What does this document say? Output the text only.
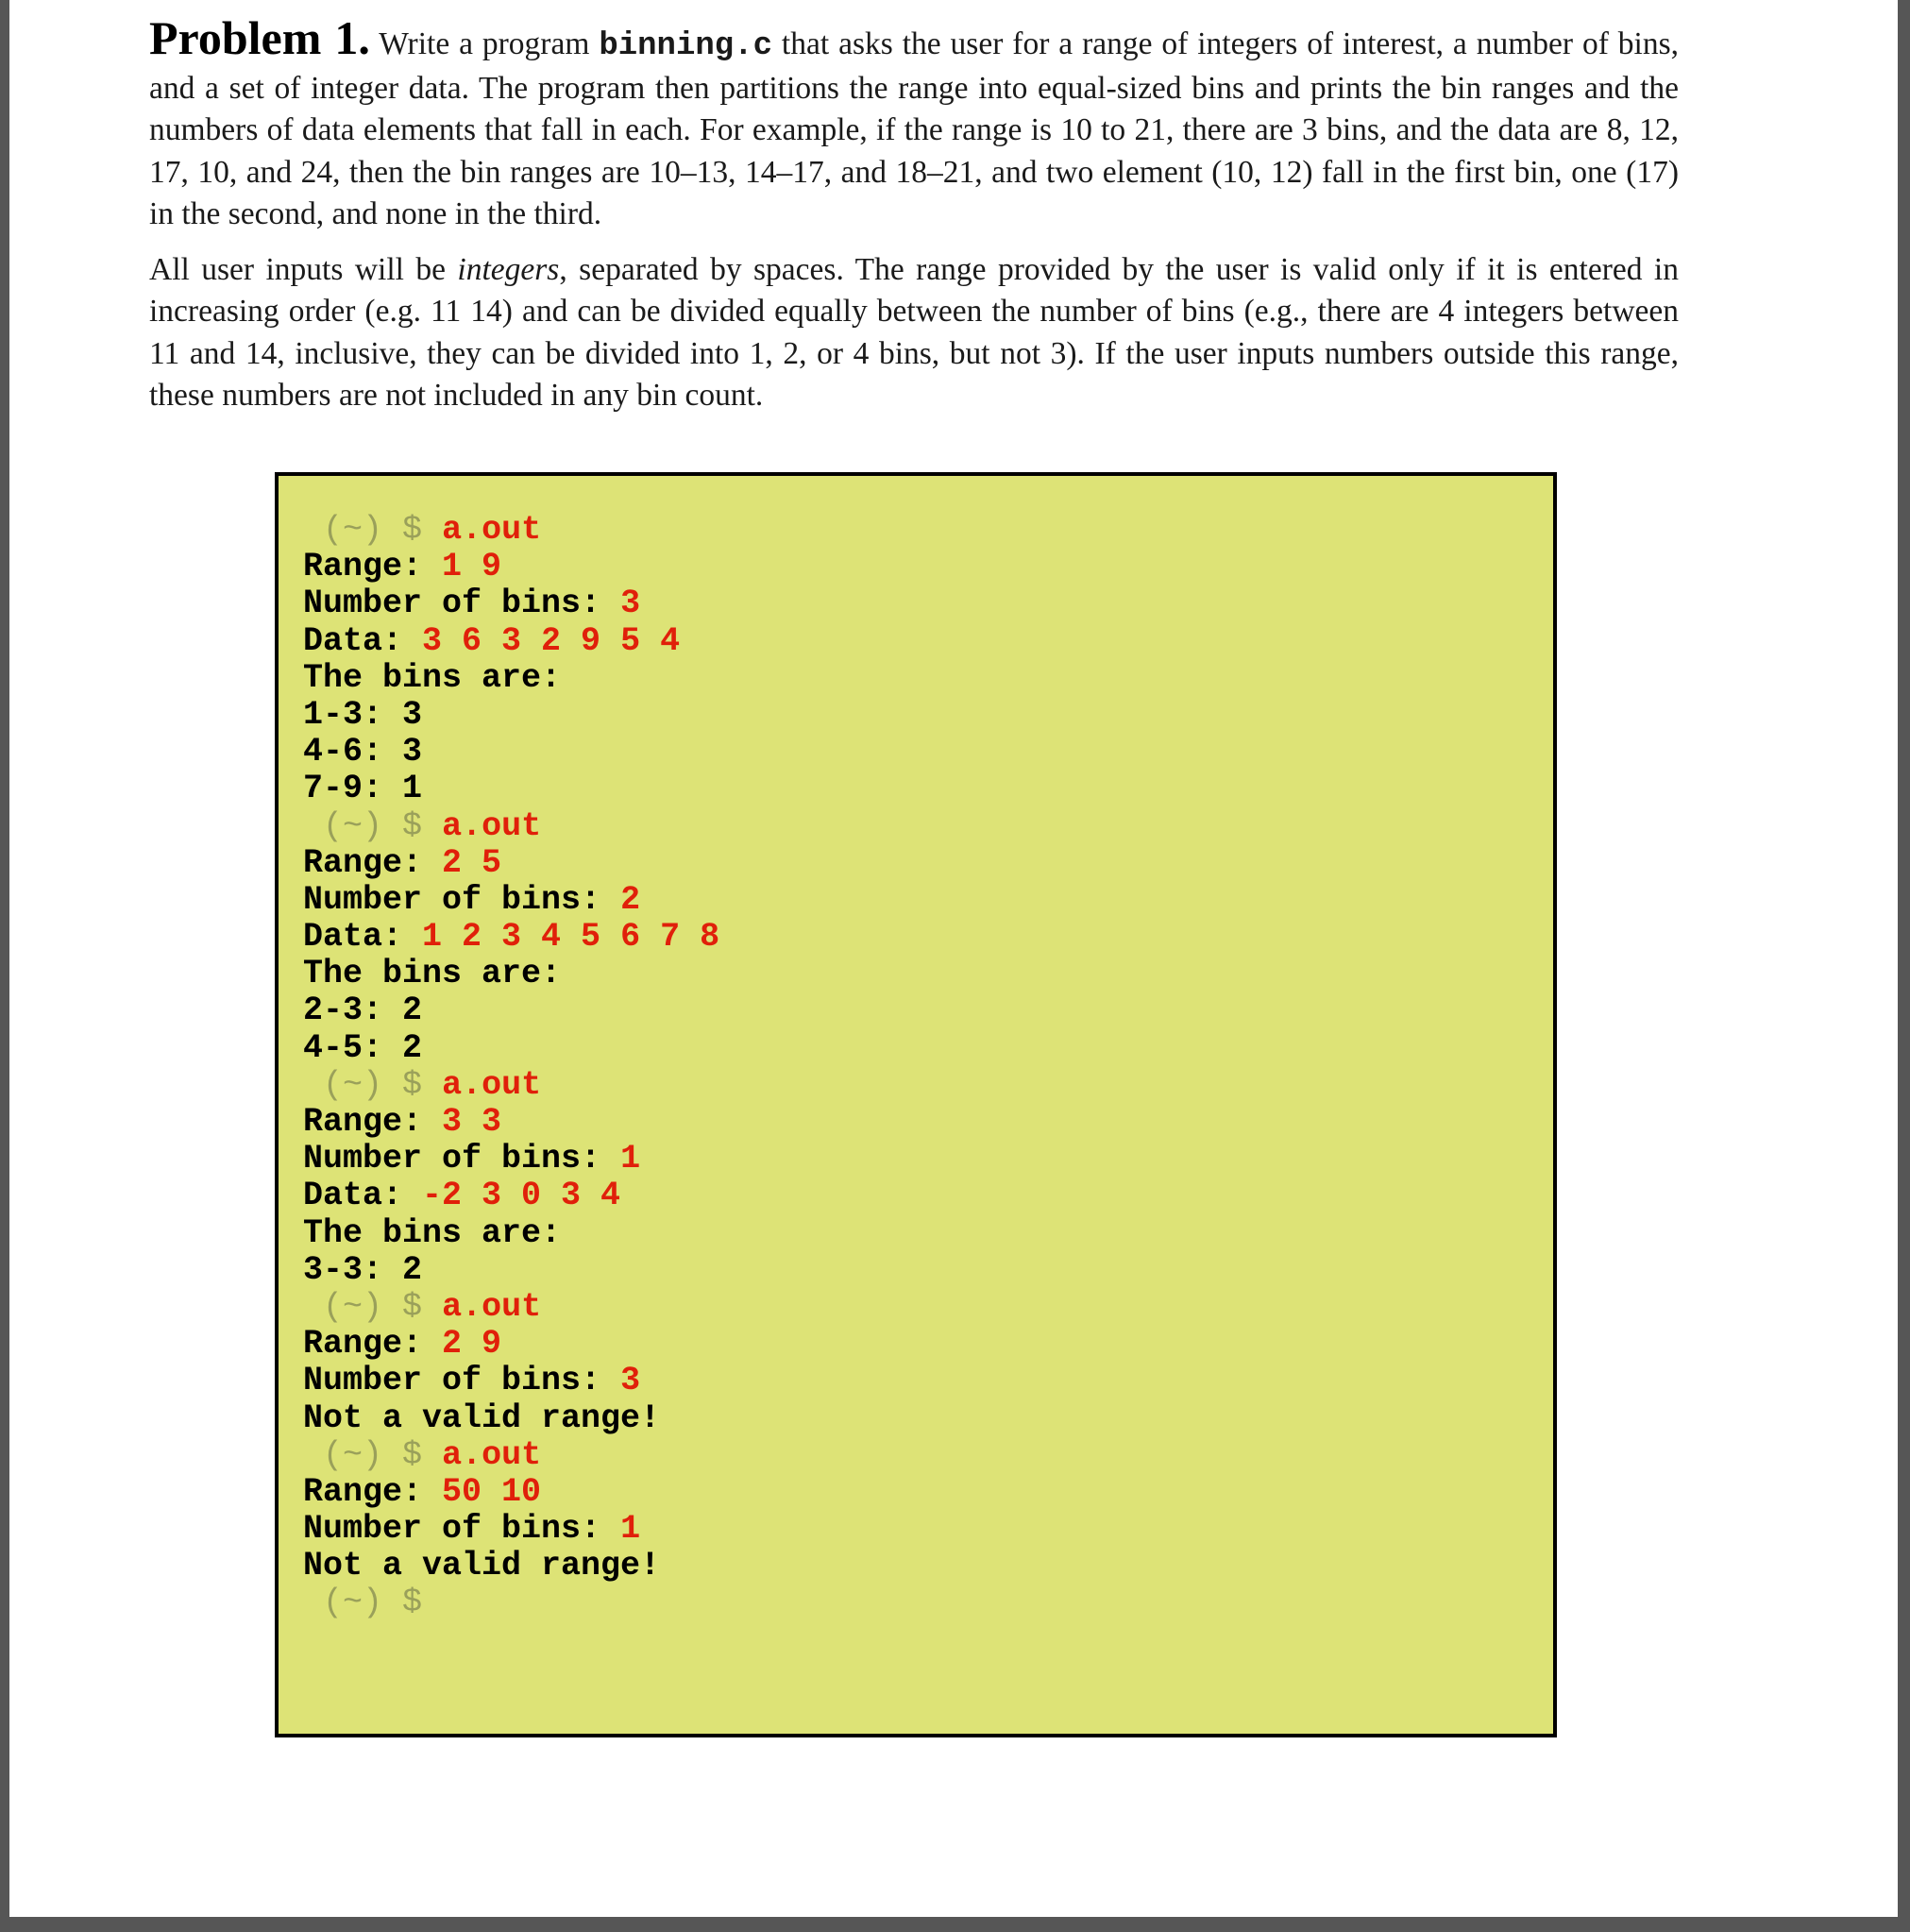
Problem 1. Write a program binning.c that asks the user for a range of integers of interest, a number of bins, and a set of integer data. The program then partitions the range into equal-sized bins and prints the bin ranges and the numbers of data elements that fall in each. For example, if the range is 10 to 21, there are 3 bins, and the data are 8, 12, 17, 10, and 24, then the bin ranges are 10–13, 14–17, and 18–21, and two element (10, 12) fall in the first bin, one (17) in the second, and none in the third.

All user inputs will be integers, separated by spaces. The range provided by the user is valid only if it is entered in increasing order (e.g. 11 14) and can be divided equally between the number of bins (e.g., there are 4 integers between 11 and 14, inclusive, they can be divided into 1, 2, or 4 bins, but not 3). If the user inputs numbers outside this range, these numbers are not included in any bin count.

(~) $ a.out
Range: 1 9
Number of bins: 3
Data: 3 6 3 2 9 5 4
The bins are:
1-3: 3
4-6: 3
7-9: 1
(~) $ a.out
Range: 2 5
Number of bins: 2
Data: 1 2 3 4 5 6 7 8
The bins are:
2-3: 2
4-5: 2
(~) $ a.out
Range: 3 3
Number of bins: 1
Data: -2 3 0 3 4
The bins are:
3-3: 2
(~) $ a.out
Range: 2 9
Number of bins: 3
Not a valid range!
(~) $ a.out
Range: 50 10
Number of bins: 1
Not a valid range!
(~) $
